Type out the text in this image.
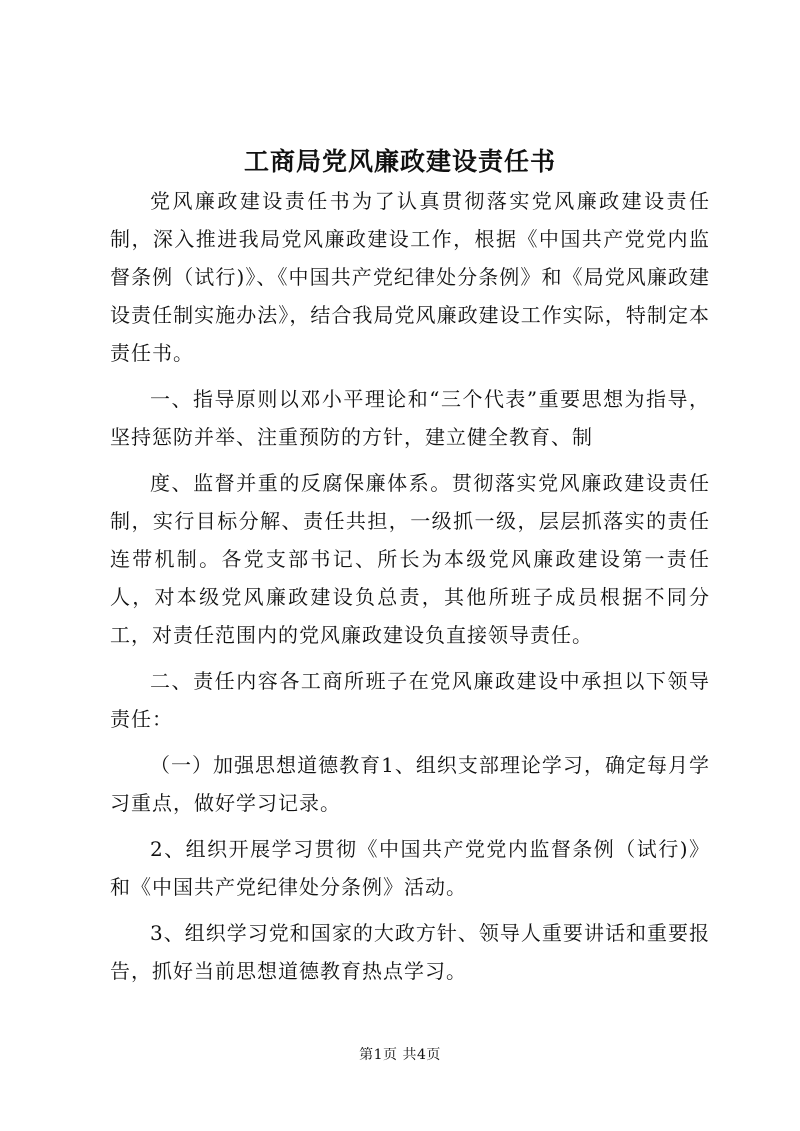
工商局党风廉政建设责任书

党风廉政建设责任书为了认真贯彻落实党风廉政建设责任制，深入推进我局党风廉政建设工作，根据《中国共产党党内监督条例（试行)》、《中国共产党纪律处分条例》和《局党风廉政建设责任制实施办法》，结合我局党风廉政建设工作实际，特制定本责任书。

一、指导原则以邓小平理论和“三个代表”重要思想为指导，坚持惩防并举、注重预防的方针，建立健全教育、制

度、监督并重的反腐保廉体系。贯彻落实党风廉政建设责任制，实行目标分解、责任共担，一级抓一级，层层抓落实的责任连带机制。各党支部书记、所长为本级党风廉政建设第一责任人，对本级党风廉政建设负总责，其他所班子成员根据不同分工，对责任范围内的党风廉政建设负直接领导责任。

二、责任内容各工商所班子在党风廉政建设中承担以下领导责任：

（一）加强思想道德教育1、组织支部理论学习，确定每月学习重点，做好学习记录。

2、组织开展学习贯彻《中国共产党党内监督条例（试行)》和《中国共产党纪律处分条例》活动。

3、组织学习党和国家的大政方针、领导人重要讲话和重要报告，抓好当前思想道德教育热点学习。

第1页 共4页
